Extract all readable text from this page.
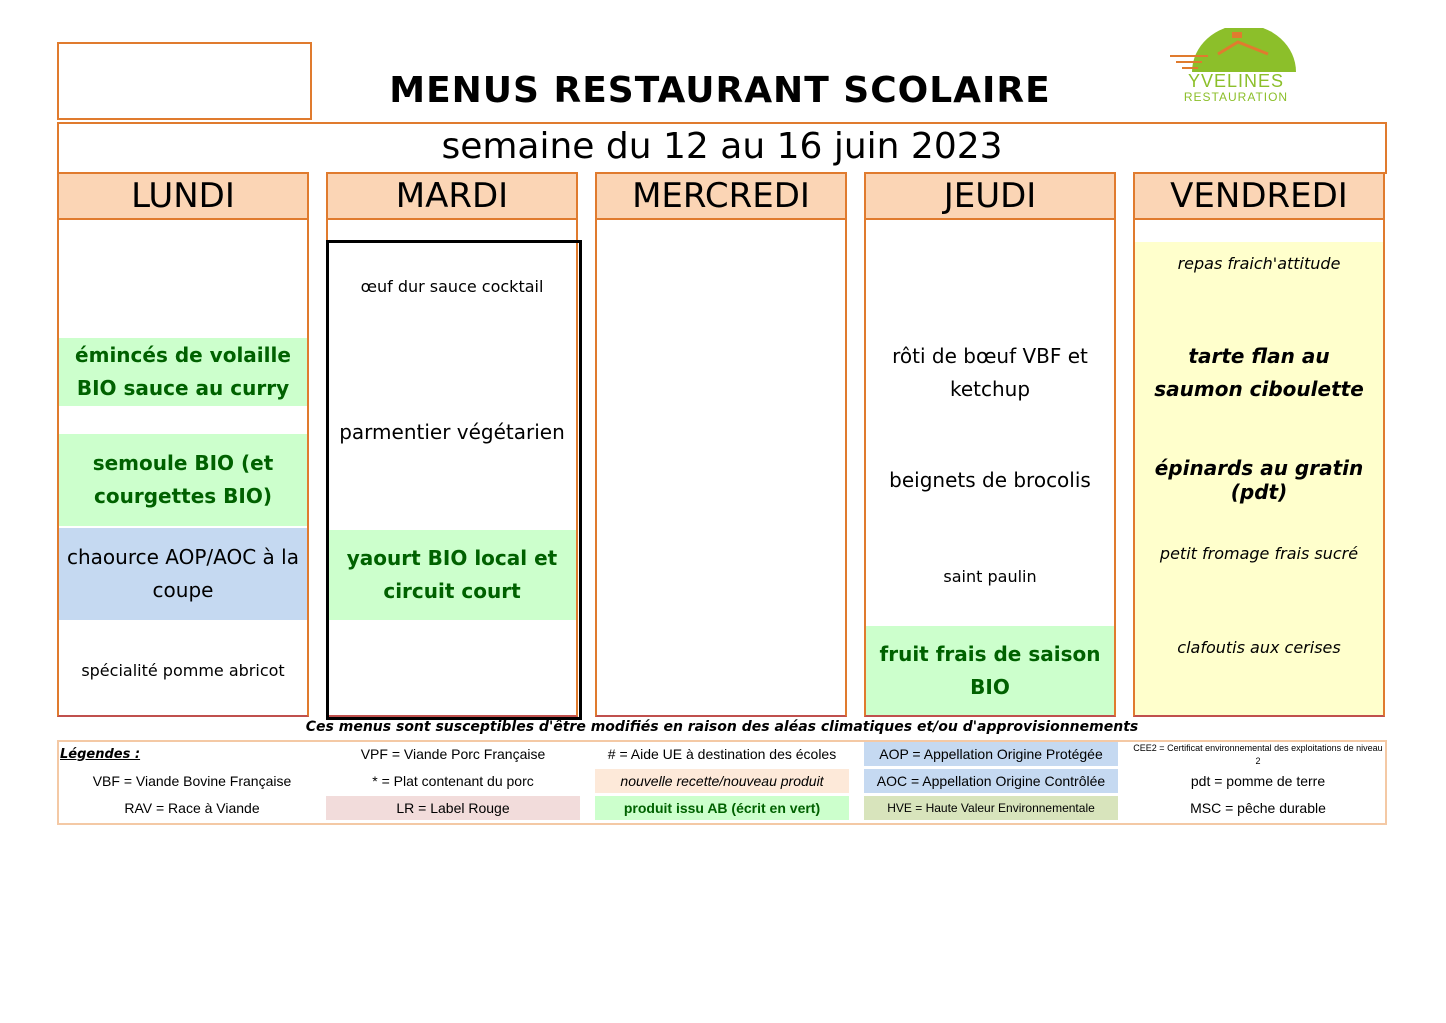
MENUS RESTAURANT SCOLAIRE	YVELINES
RESTAURATION
semaine du 12 au 16 juin 2023
LUNDI
émincés de volaille BIO sauce au curry
semoule BIO (et courgettes BIO)
chaource AOP/AOC à la coupe
spécialité pomme abricot
MARDI
œuf dur sauce cocktail
parmentier végétarien
yaourt BIO local et circuit court
MERCREDI	JEUDI
rôti de bœuf VBF et ketchup
beignets de brocolis
saint paulin
fruit frais de saison BIO
VENDREDI
repas fraich'attitude
tarte flan au saumon ciboulette
épinards au gratin (pdt)
petit fromage frais sucré
clafoutis aux cerises
Ces menus sont susceptibles d'être modifiés en raison des aléas climatiques et/ou d'approvisionnements
Légendes :	VPF = Viande Porc Française	# = Aide UE à destination des écoles	AOP = Appellation Origine Protégée	CEE2 = Certificat environnemental des exploitations de niveau 2
VBF = Viande Bovine Française	* = Plat contenant du porc	nouvelle recette/nouveau produit	AOC = Appellation Origine Contrôlée	pdt = pomme de terre
RAV = Race à Viande	LR = Label Rouge	produit issu AB (écrit en vert)	HVE = Haute Valeur Environnementale	MSC = pêche durable
